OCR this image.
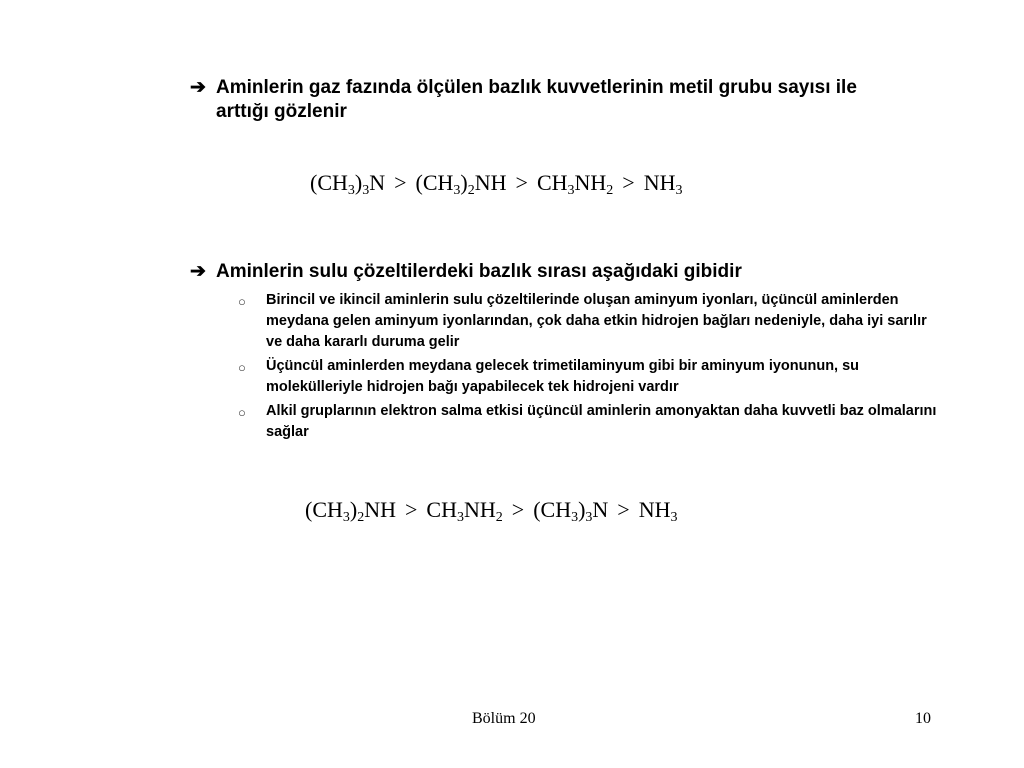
➔ Aminlerin gaz fazında ölçülen bazlık kuvvetlerinin metil grubu sayısı ile arttığı gözlenir
$(CH_3)_3N > (CH_3)_2NH > CH_3NH_2 > NH_3$
➔ Aminlerin sulu çözeltilerdeki bazlık sırası aşağıdaki gibidir
○	Birincil ve ikincil aminlerin sulu çözeltilerinde oluşan aminyum iyonları, üçüncül aminlerden meydana gelen aminyum iyonlarından, çok daha etkin hidrojen bağları nedeniyle, daha iyi sarılır ve daha kararlı duruma gelir
○	Üçüncül aminlerden meydana gelecek trimetilaminyum gibi bir aminyum iyonunun, su molekülleriyle hidrojen bağı yapabilecek tek hidrojeni vardır
○	Alkil gruplarının elektron salma etkisi üçüncül aminlerin amonyaktan daha kuvvetli baz olmalarını sağlar
$(CH_3)_2NH > CH_3NH_2 > (CH_3)_3N > NH_3$
Bölüm 20	10
